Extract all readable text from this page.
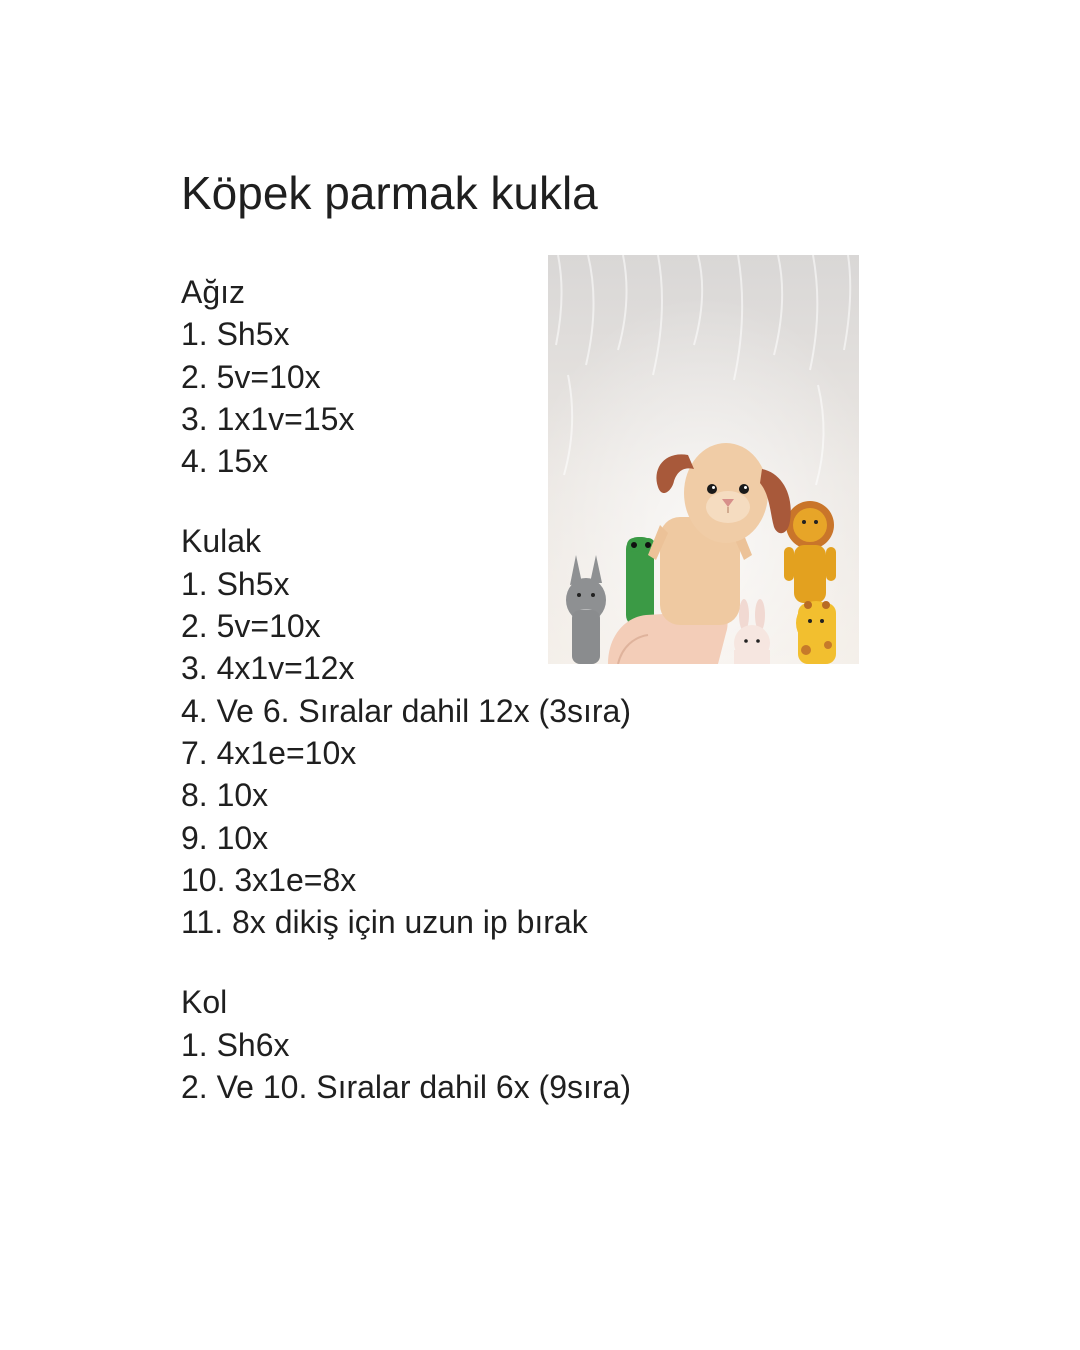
Köpek parmak kukla
Ağız
1. Sh5x
2. 5v=10x
3. 1x1v=15x
4. 15x
Kulak
1. Sh5x
2. 5v=10x
3. 4x1v=12x
4. Ve 6. Sıralar dahil 12x (3sıra)
7. 4x1e=10x
8. 10x
9. 10x
10. 3x1e=8x
11. 8x dikiş için uzun ip bırak
Kol
1. Sh6x
2. Ve 10. Sıralar dahil 6x (9sıra)
